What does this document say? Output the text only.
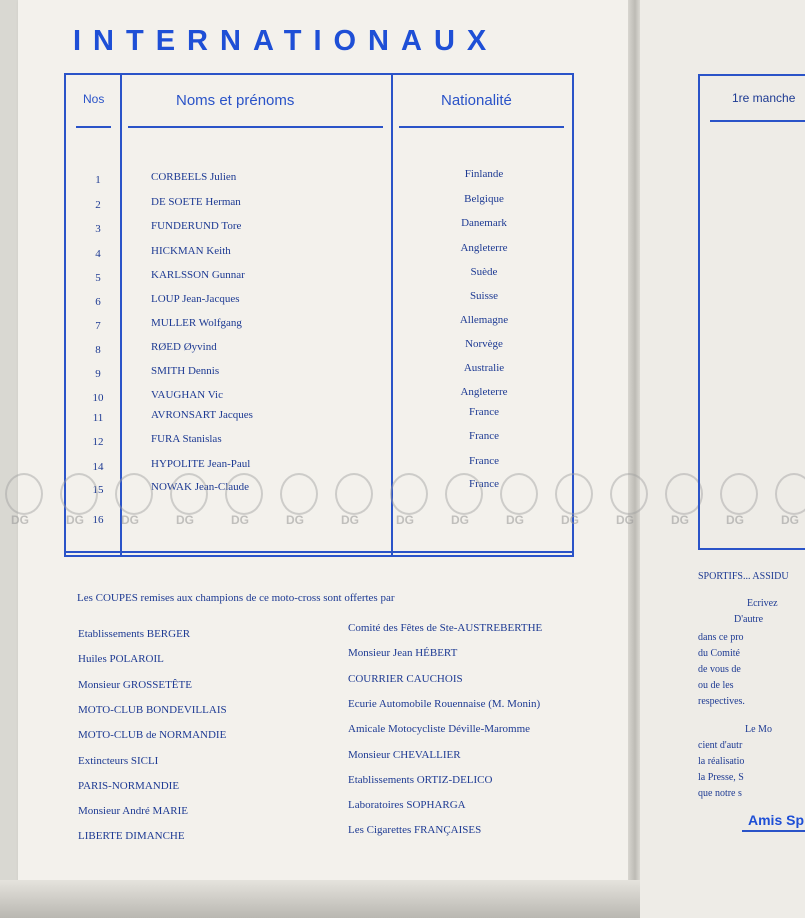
INTERNATIONAUX
Nos	Noms et prénoms	Nationalité
1	CORBEELS Julien	Finlande
2	DE SOETE Herman	Belgique
3	FUNDERUND Tore	Danemark
4	HICKMAN Keith	Angleterre
5	KARLSSON Gunnar	Suède
6	LOUP Jean-Jacques	Suisse
7	MULLER Wolfgang	Allemagne
8	RØED Øyvind	Norvège
9	SMITH Dennis	Australie
10	VAUGHAN Vic	Angleterre
11	AVRONSART Jacques	France
12	FURA Stanislas	France
14	HYPOLITE Jean-Paul	France
15	NOWAK Jean-Claude	France
16
DG	DG	DG	DG	DG	DG	DG	DG	DG	DG	DG	DG	DG	DG	DG
Les COUPES remises aux champions de ce moto-cross sont offertes par
Etablissements BERGER
Huiles POLAROIL
Monsieur GROSSETÊTE
MOTO-CLUB BONDEVILLAIS
MOTO-CLUB de NORMANDIE
Extincteurs SICLI
PARIS-NORMANDIE
Monsieur André MARIE
LIBERTE DIMANCHE
Comité des Fêtes de Ste-AUSTREBERTHE
Monsieur Jean HÉBERT
COURRIER CAUCHOIS
Ecurie Automobile Rouennaise (M. Monin)
Amicale Motocycliste Déville-Maromme
Monsieur CHEVALLIER
Etablissements ORTIZ-DELICO
Laboratoires SOPHARGA
Les Cigarettes FRANÇAISES
1re manche
SPORTIFS... ASSIDU
Ecrivez
D'autre
dans ce pro
du Comité
de vous de
ou de les
respectives.
Le Mo
cient d'autr
la réalisatio
la Presse, S
que notre s
Amis Sp
